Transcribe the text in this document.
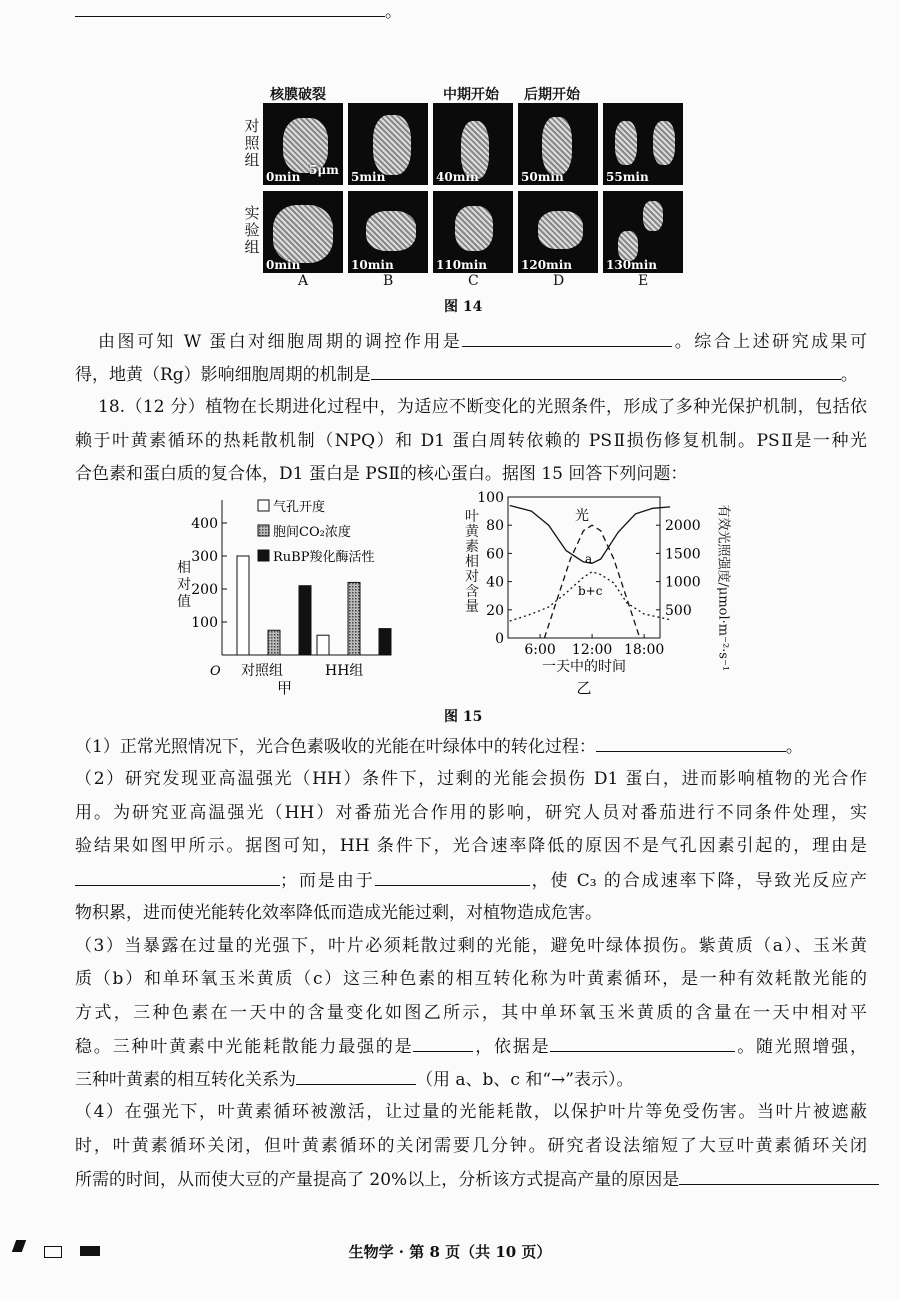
核膜破裂	中期开始 后期开始
对照组
实验组
0min 5μm 5min	40min	50min	55min
0min	10min	110min	120min	130min
图 14
O
100
200
300
400
气孔开度
胞间CO₂浓度
RuBP羧化酶活性
对照组	HH组
甲
相对值
0
20
40
60
80
100
500
1000
1500
2000
6:00 12:00 18:00
光
a
b+c
一天中的时间
乙
叶黄素相对含量	有效光照强度/μmol·m⁻²·s⁻¹
图 15
生物学 · 第 8 页（共 10 页）
A	B	C	D	E
由图可知 W 蛋白对细胞周期的调控作用是	。综合上述研究成果可
得，地黄（Rg）影响细胞周期的机制是	。
18.（12 分）植物在长期进化过程中，为适应不断变化的光照条件，形成了多种光保护机制，包括依
赖于叶黄素循环的热耗散机制（NPQ）和 D1 蛋白周转依赖的 PSⅡ损伤修复机制。PSⅡ是一种光
合色素和蛋白质的复合体，D1 蛋白是 PSⅡ的核心蛋白。据图 15 回答下列问题：
（1）正常光照情况下，光合色素吸收的光能在叶绿体中的转化过程：	。
（2）研究发现亚高温强光（HH）条件下，过剩的光能会损伤 D1 蛋白，进而影响植物的光合作
用。为研究亚高温强光（HH）对番茄光合作用的影响，研究人员对番茄进行不同条件处理，实
验结果如图甲所示。据图可知，HH 条件下，光合速率降低的原因不是气孔因素引起的，理由是
；而是由于	，使 C₃ 的合成速率下降，导致光反应产
物积累，进而使光能转化效率降低而造成光能过剩，对植物造成危害。
（3）当暴露在过量的光强下，叶片必须耗散过剩的光能，避免叶绿体损伤。紫黄质（a）、玉米黄
质（b）和单环氧玉米黄质（c）这三种色素的相互转化称为叶黄素循环，是一种有效耗散光能的
方式，三种色素在一天中的含量变化如图乙所示，其中单环氧玉米黄质的含量在一天中相对平
稳。三种叶黄素中光能耗散能力最强的是	，依据是	。随光照增强，
三种叶黄素的相互转化关系为	（用 a、b、c 和“→”表示）。
（4）在强光下，叶黄素循环被激活，让过量的光能耗散，以保护叶片等免受伤害。当叶片被遮蔽
时，叶黄素循环关闭，但叶黄素循环的关闭需要几分钟。研究者设法缩短了大豆叶黄素循环关闭
所需的时间，从而使大豆的产量提高了 20%以上，分析该方式提高产量的原因是
。
